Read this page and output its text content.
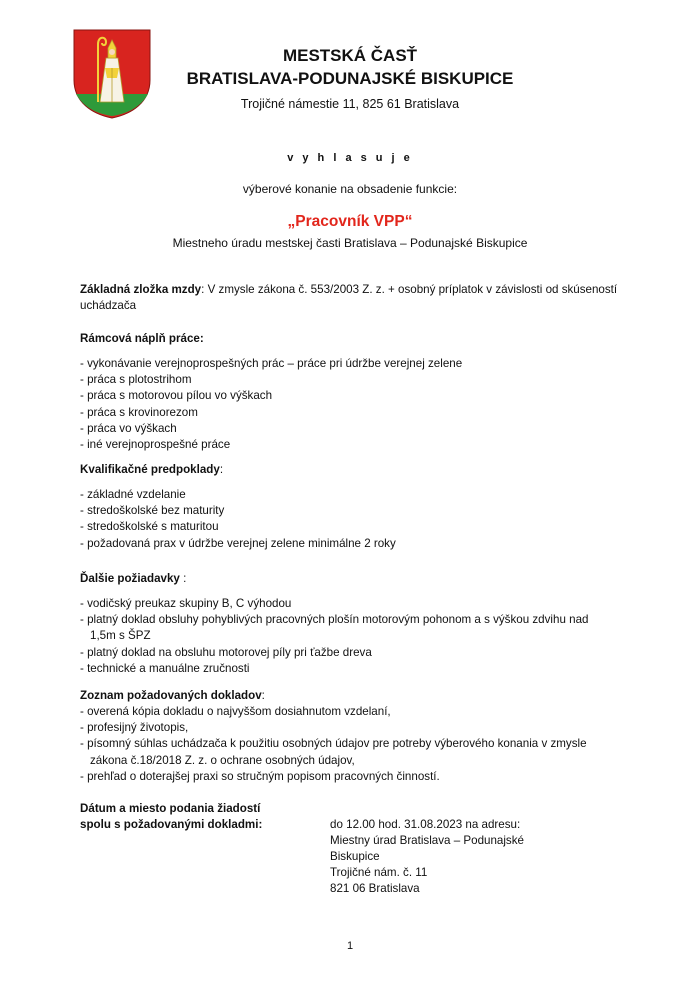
MESTSKÁ ČASŤ
BRATISLAVA-PODUNAJSKÉ BISKUPICE
Trojičné námestie 11, 825 61 Bratislava
v y h l a s u j e
výberové konanie na obsadenie funkcie:
„Pracovník VPP“
Miestneho úradu mestskej časti Bratislava – Podunajské Biskupice
Základná zložka mzdy: V zmysle zákona č. 553/2003 Z. z. + osobný príplatok v závislosti od skúseností
uchádzača
Rámcová náplň práce:
- vykonávanie verejnoprospešných prác – práce pri údržbe verejnej zelene
- práca s plotostrihom
- práca s motorovou pílou vo výškach
- práca s krovinorezom
- práca vo výškach
- iné verejnoprospešné práce
Kvalifikačné predpoklady:
- základné vzdelanie
- stredoškolské bez maturity
- stredoškolské s maturitou
- požadovaná prax v údržbe verejnej zelene minimálne 2 roky
Ďalšie požiadavky :
- vodičský preukaz skupiny B, C výhodou
- platný doklad obsluhy pohyblivých pracovných plošín motorovým pohonom a s výškou zdvihu nad
1,5m s ŠPZ
- platný doklad na obsluhu motorovej píly pri ťažbe dreva
- technické a manuálne zručnosti
Zoznam požadovaných dokladov:
- overená kópia dokladu o najvyššom dosiahnutom vzdelaní,
- profesijný životopis,
- písomný súhlas uchádzača k použitiu osobných údajov pre potreby výberového konania v zmysle
zákona č.18/2018 Z. z. o ochrane osobných údajov,
- prehľad o doterajšej praxi so stručným popisom pracovných činností.
Dátum a miesto podania žiadostí
spolu s požadovanými dokladmi:	do 12.00 hod. 31.08.2023 na adresu:
Miestny úrad Bratislava – Podunajské
Biskupice
Trojičné nám. č. 11
821 06 Bratislava
1
